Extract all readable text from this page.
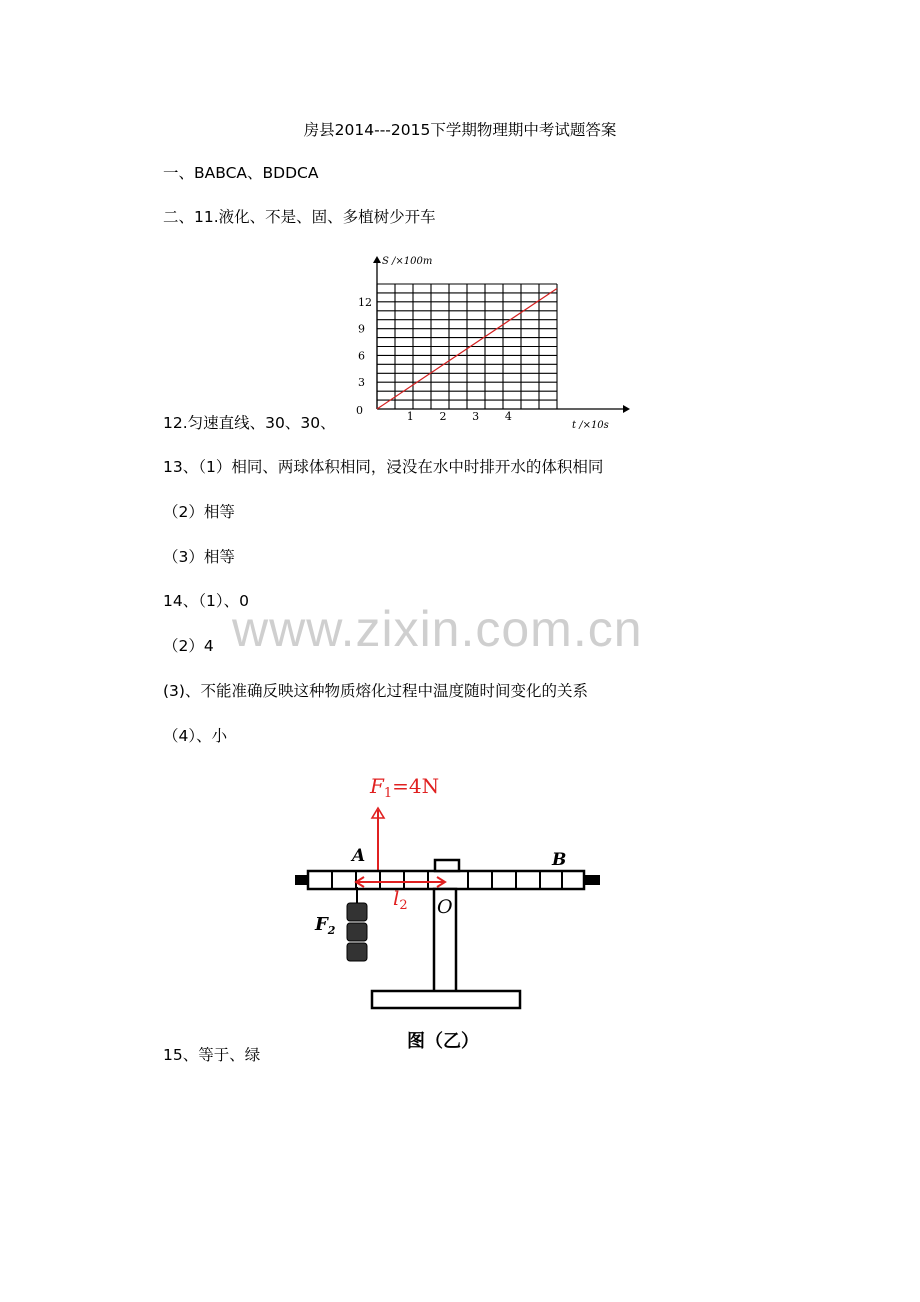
房县2014---2015下学期物理期中考试题答案
一、BABCA、BDDCA
二、11.液化、不是、固、多植树少开车
3
6
9
12
1 2 3 4
0
S /×100m
t /×10s
12.匀速直线、30、30、
13、（1）相同、两球体积相同，浸没在水中时排开水的体积相同
（2）相等
（3）相等
14、（1）、0
（2）4
(3)、不能准确反映这种物质熔化过程中温度随时间变化的关系
（4）、小
www.zixin.com.cn
$F_1=4N$
$l_2$
$F_2$
A	B
O
图（乙）
15、等于、绿
